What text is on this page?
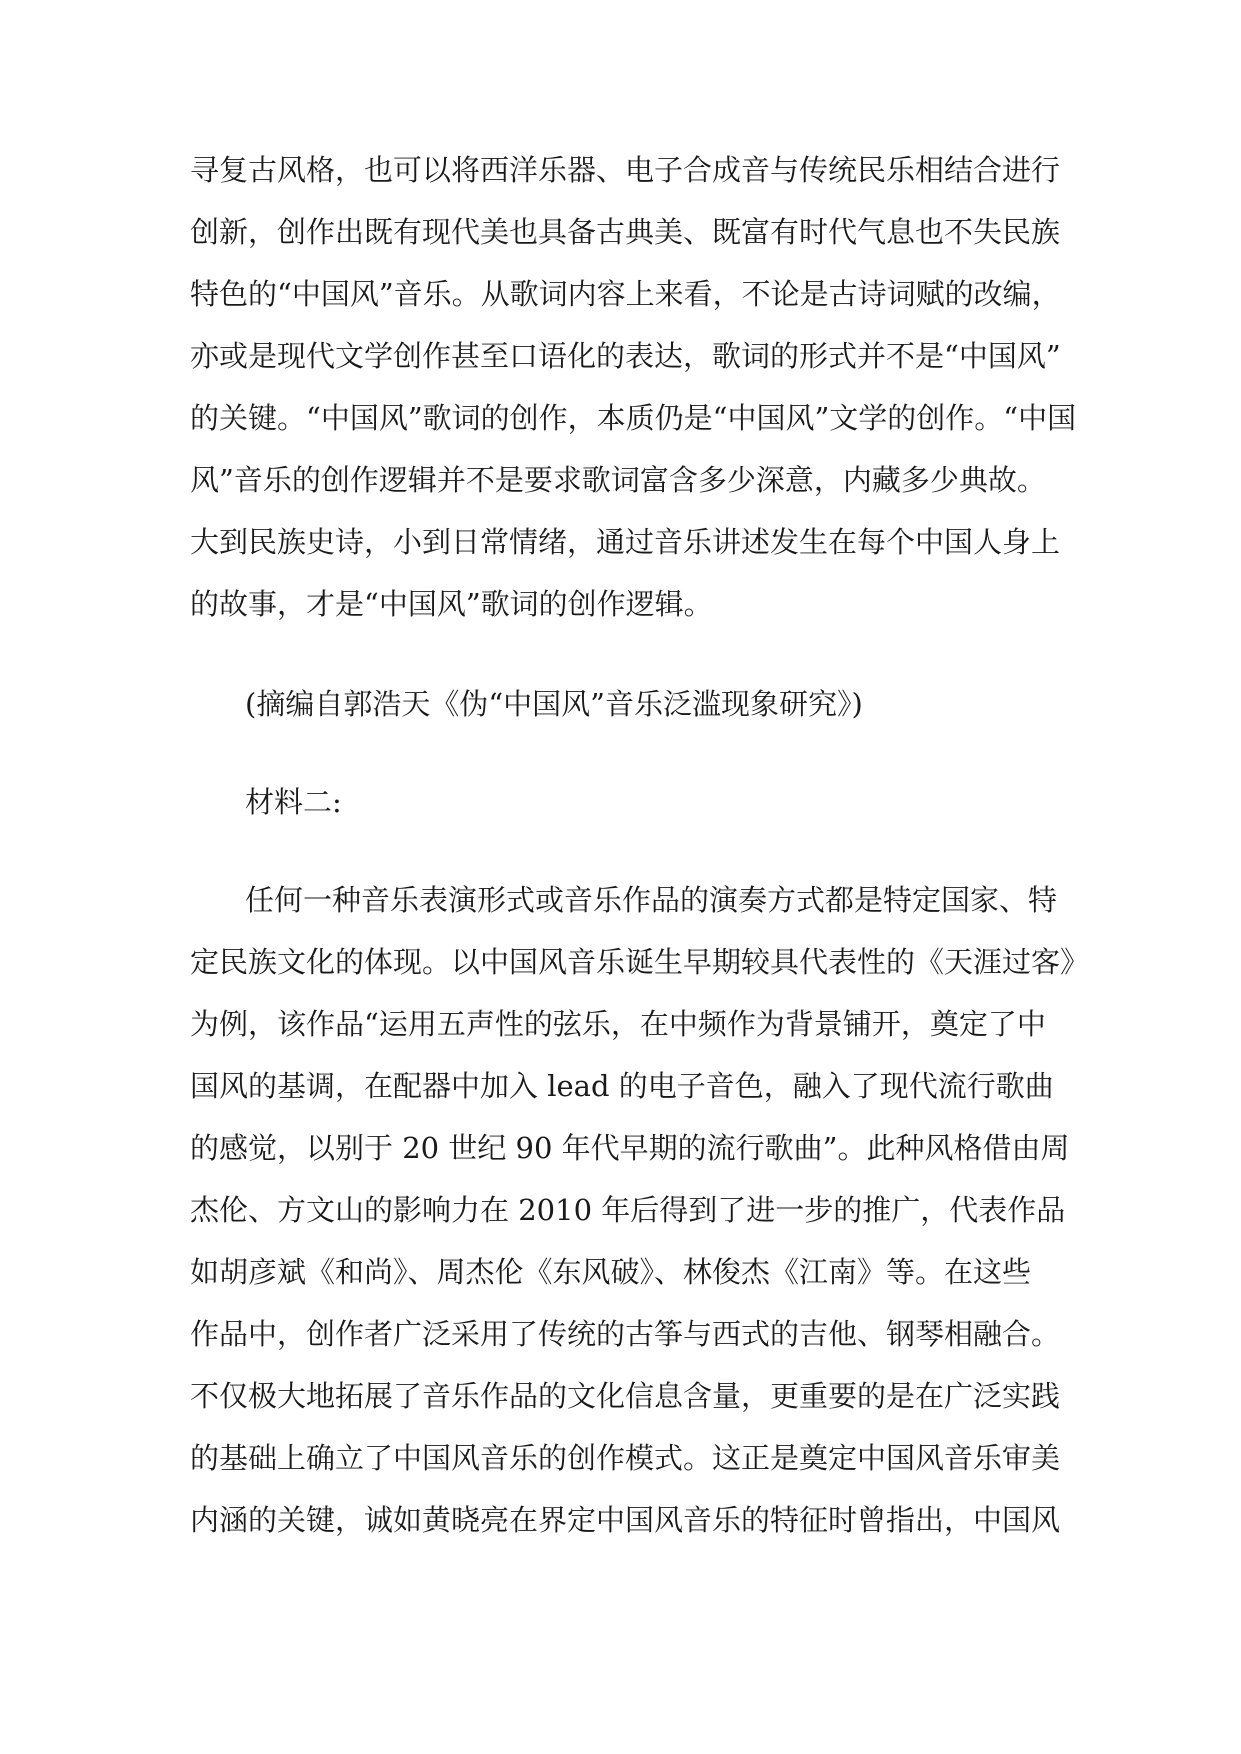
寻复古风格，也可以将西洋乐器、电子合成音与传统民乐相结合进行

创新，创作出既有现代美也具备古典美、既富有时代气息也不失民族

特色的“中国风”音乐。从歌词内容上来看，不论是古诗词赋的改编，

亦或是现代文学创作甚至口语化的表达，歌词的形式并不是“中国风”

的关键。“中国风”歌词的创作，本质仍是“中国风”文学的创作。“中国

风”音乐的创作逻辑并不是要求歌词富含多少深意，内藏多少典故。

大到民族史诗，小到日常情绪，通过音乐讲述发生在每个中国人身上

的故事，才是“中国风”歌词的创作逻辑。

(摘编自郭浩天《伪“中国风”音乐泛滥现象研究》)

材料二:

任何一种音乐表演形式或音乐作品的演奏方式都是特定国家、特

定民族文化的体现。以中国风音乐诞生早期较具代表性的《天涯过客》

为例，该作品“运用五声性的弦乐，在中频作为背景铺开，奠定了中

国风的基调，在配器中加入 lead 的电子音色，融入了现代流行歌曲

的感觉，以别于 20 世纪 90 年代早期的流行歌曲”。此种风格借由周

杰伦、方文山的影响力在 2010 年后得到了进一步的推广，代表作品

如胡彦斌《和尚》、周杰伦《东风破》、林俊杰《江南》等。在这些

作品中，创作者广泛采用了传统的古筝与西式的吉他、钢琴相融合。

不仅极大地拓展了音乐作品的文化信息含量，更重要的是在广泛实践

的基础上确立了中国风音乐的创作模式。这正是奠定中国风音乐审美

内涵的关键，诚如黄晓亮在界定中国风音乐的特征时曾指出，中国风
